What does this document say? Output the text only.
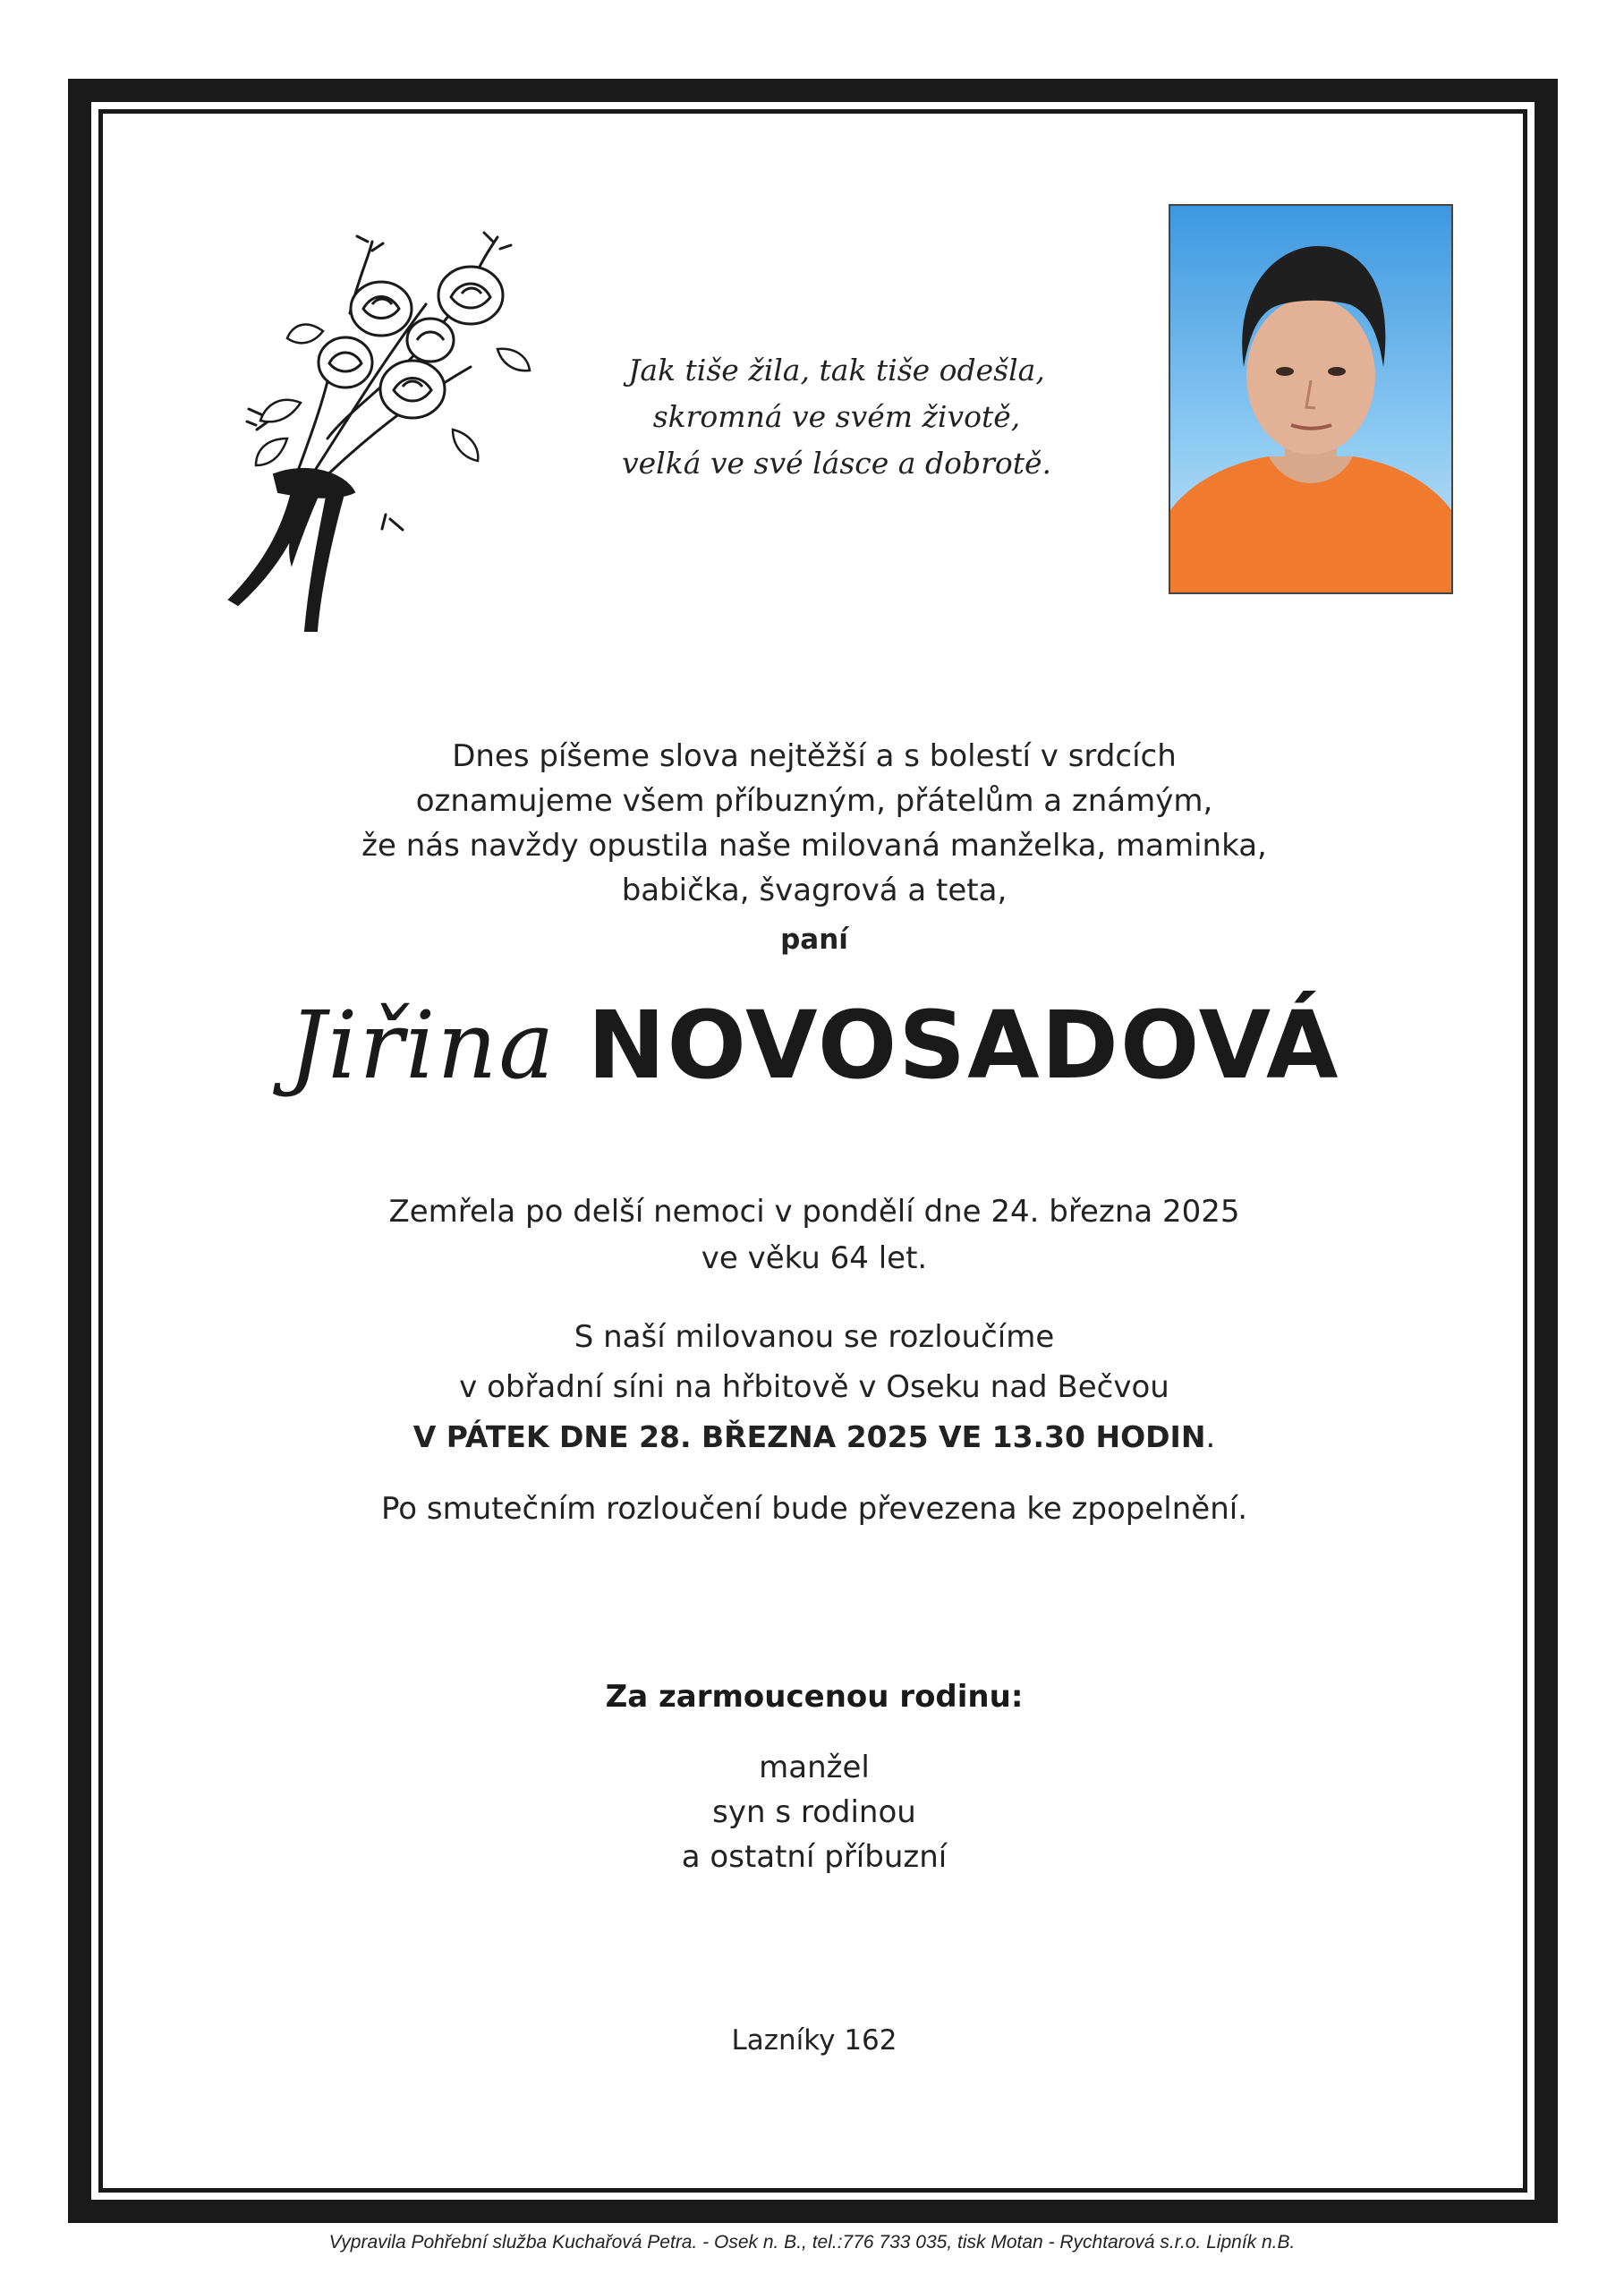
Jak tiše žila, tak tiše odešla,
skromná ve svém životě,
velká ve své lásce a dobrotě.
Dnes píšeme slova nejtěžší a s bolestí v srdcích
oznamujeme všem příbuzným, přátelům a známým,
že nás navždy opustila naše milovaná manželka, maminka,
babička, švagrová a teta,
paní
Jiřina NOVOSADOVÁ
Zemřela po delší nemoci v pondělí dne 24. března 2025
ve věku 64 let.
S naší milovanou se rozloučíme
v obřadní síni na hřbitově v Oseku nad Bečvou
V PÁTEK DNE 28. BŘEZNA 2025 VE 13.30 HODIN.
Po smutečním rozloučení bude převezena ke zpopelnění.
Za zarmoucenou rodinu:
manžel
syn s rodinou
a ostatní příbuzní
Lazníky 162
Vypravila Pohřební služba Kuchařová Petra. - Osek n. B., tel.:776 733 035, tisk Motan - Rychtarová s.r.o. Lipník n.B.
